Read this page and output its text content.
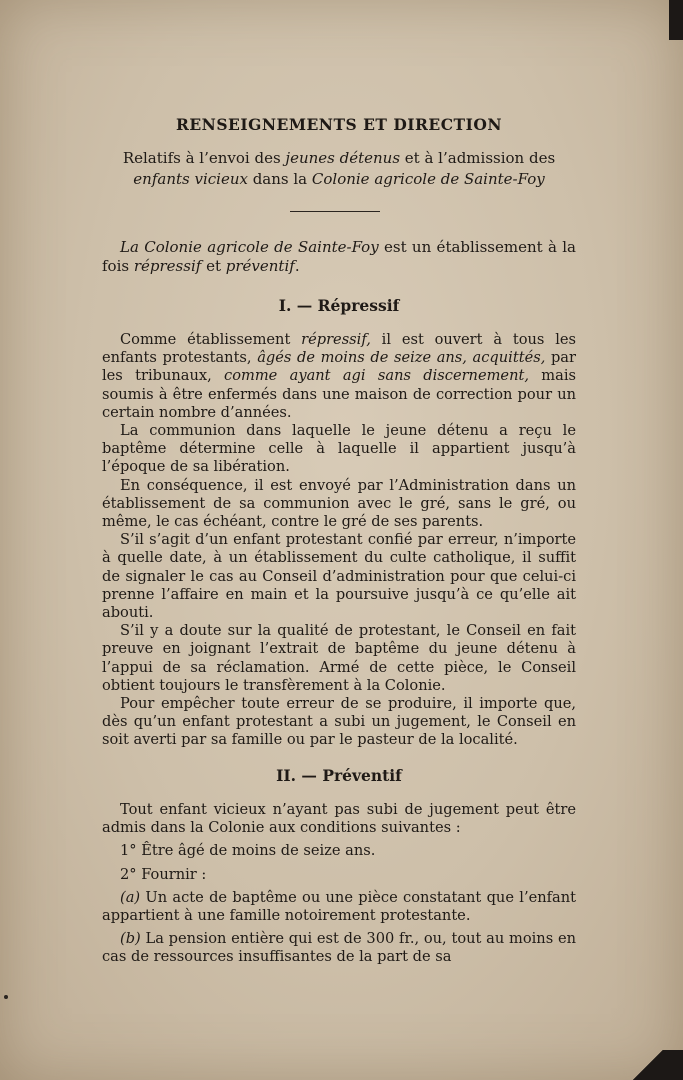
RENSEIGNEMENTS ET DIRECTION
Relatifs à l’envoi des jeunes détenus et à l’admission des
enfants vicieux dans la Colonie agricole de Sainte-Foy
La Colonie agricole de Sainte-Foy est un établissement à la fois répressif et préventif.
I. — Répressif

Comme établissement répressif, il est ouvert à tous les enfants protestants, âgés de moins de seize ans, acquittés, par les tribunaux, comme ayant agi sans discernement, mais soumis à être enfermés dans une maison de correction pour un certain nombre d’années.

La communion dans laquelle le jeune détenu a reçu le baptême détermine celle à laquelle il appartient jusqu’à l’époque de sa libération.

En conséquence, il est envoyé par l’Administration dans un établissement de sa communion avec le gré, sans le gré, ou même, le cas échéant, contre le gré de ses parents.

S’il s’agit d’un enfant protestant confié par erreur, n’importe à quelle date, à un établissement du culte catholique, il suffit de signaler le cas au Conseil d’administration pour que celui-ci prenne l’affaire en main et la poursuive jusqu’à ce qu’elle ait abouti.

S’il y a doute sur la qualité de protestant, le Conseil en fait preuve en joignant l’extrait de baptême du jeune détenu à l’appui de sa réclamation. Armé de cette pièce, le Conseil obtient toujours le transfèrement à la Colonie.

Pour empêcher toute erreur de se produire, il importe que, dès qu’un enfant protestant a subi un jugement, le Conseil en soit averti par sa famille ou par le pasteur de la localité.

II. — Préventif

Tout enfant vicieux n’ayant pas subi de jugement peut être admis dans la Colonie aux conditions suivantes :

1° Être âgé de moins de seize ans.

2° Fournir :

(a) Un acte de baptême ou une pièce constatant que l’enfant appartient à une famille notoirement protestante.

(b) La pension entière qui est de 300 fr., ou, tout au moins en cas de ressources insuffisantes de la part de sa
